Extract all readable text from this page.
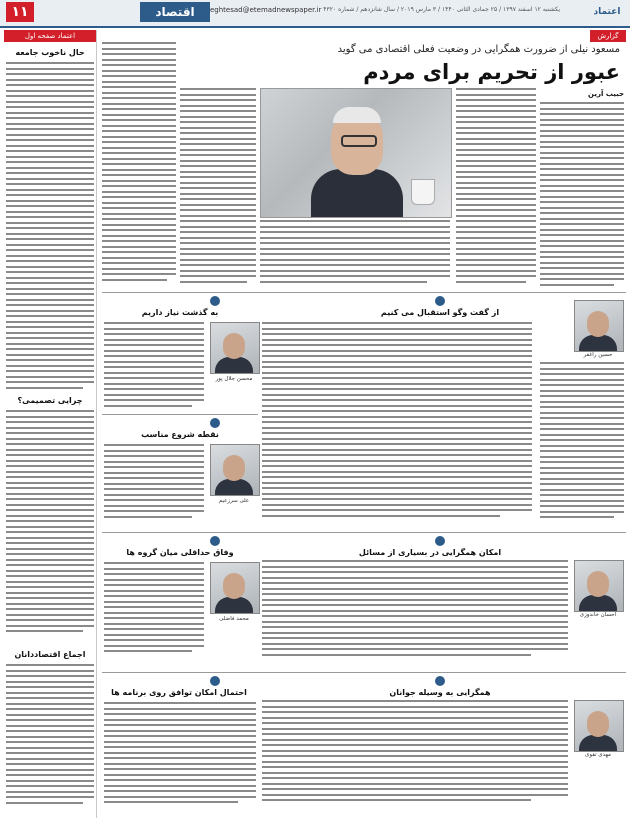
۱۱	اقتصاد	eghtesad@etemadnewspaper.ir یکشنبه ۱۲ اسفند ۱۳۹۷ / ۲۵ جمادی الثانی ۱۴۴۰ / ۳ مارس ۲۰۱۹ / سال شانزدهم / شماره ۴۳۲۰	اعتماد
اعتماد صفحه اول
حال ناخوب جامعه
چرایی تصمیمی؟
اجماع اقتصاددانان
گزارش
مسعود نیلی از ضرورت همگرایی در وضعیت فعلی اقتصادی می گوید
عبور از تحریم برای مردم
حبیب آرین
از گفت وگو استقبال می کنیم
حسین راغفر
به گذشت نیاز داریم
محسن جلال پور
نقطه شروع مناسب
علی سرزعیم
امکان همگرایی در بسیاری از مسائل
احسان خاندوزی
وفاق حداقلی میان گروه ها
محمد فاضلی
همگرایی به وسیله جوانان
مهدی تقوی
احتمال امکان توافق روی برنامه ها
